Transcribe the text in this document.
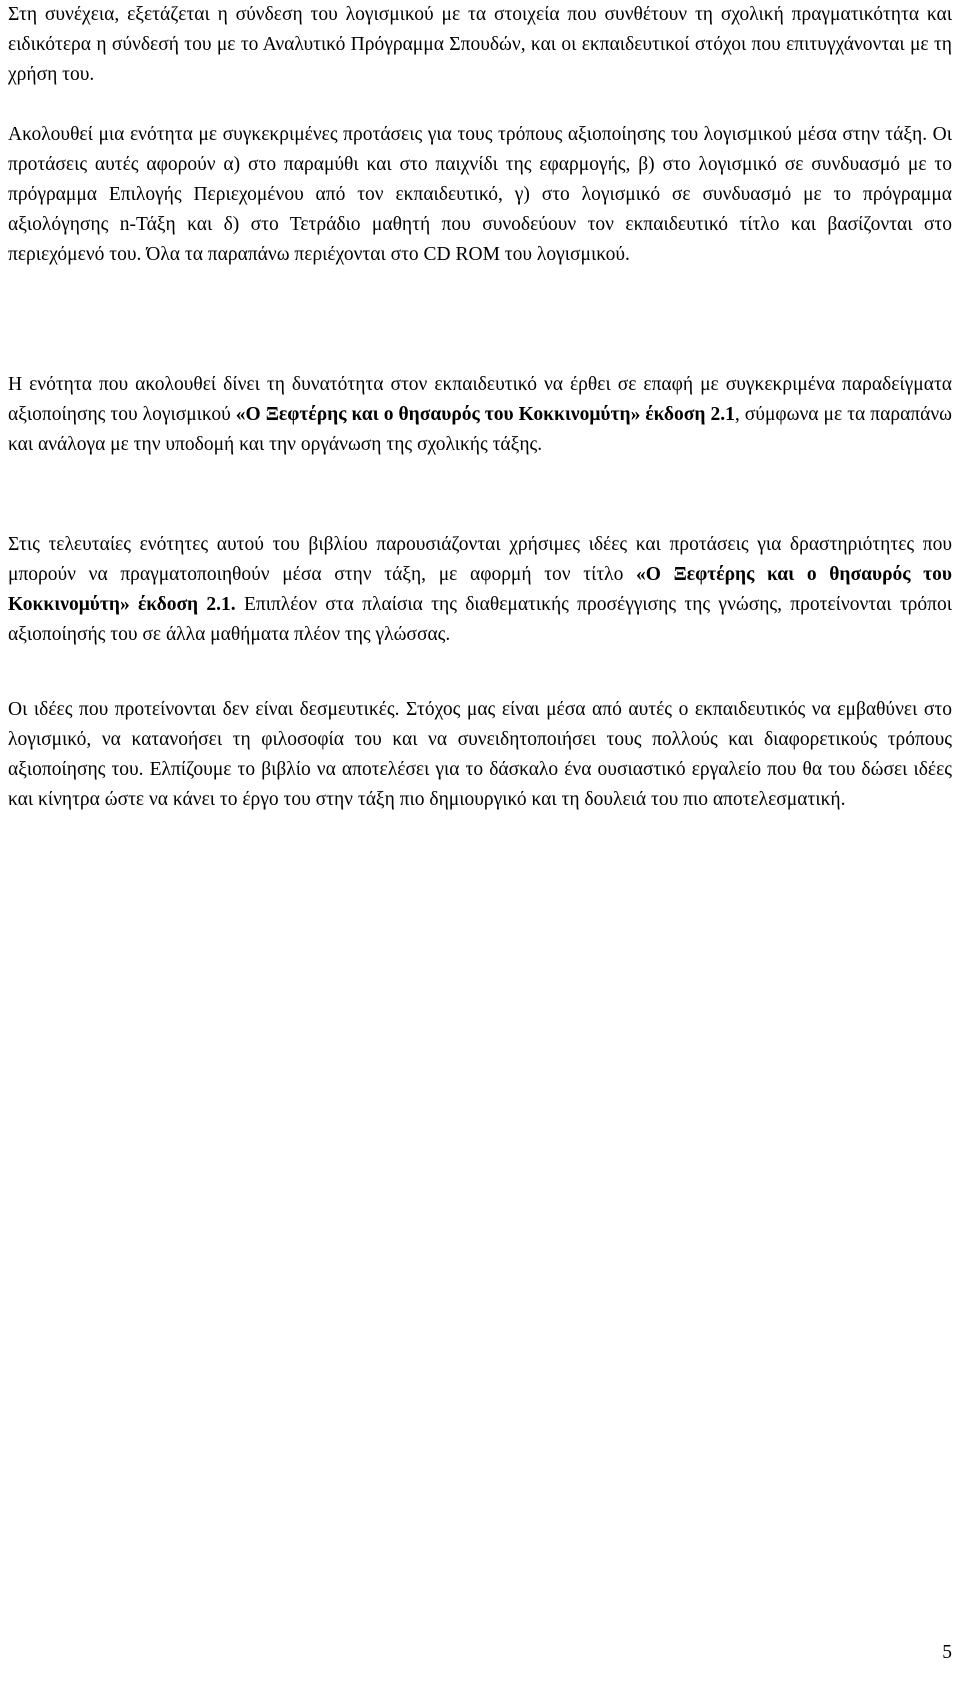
Στη συνέχεια, εξετάζεται η σύνδεση του λογισμικού με τα στοιχεία που συνθέτουν τη σχολική πραγματικότητα και ειδικότερα η σύνδεσή του με το Αναλυτικό Πρόγραμμα Σπουδών, και οι εκπαιδευτικοί στόχοι που επιτυγχάνονται με τη χρήση του.

Ακολουθεί μια ενότητα με συγκεκριμένες προτάσεις για τους τρόπους αξιοποίησης του λογισμικού μέσα στην τάξη. Οι προτάσεις αυτές αφορούν α) στο παραμύθι και στο παιχνίδι της εφαρμογής, β) στο λογισμικό σε συνδυασμό με το πρόγραμμα Επιλογής Περιεχομένου από τον εκπαιδευτικό, γ) στο λογισμικό σε συνδυασμό με το πρόγραμμα αξιολόγησης n-Τάξη και δ) στο Τετράδιο μαθητή που συνοδεύουν τον εκπαιδευτικό τίτλο και βασίζονται στο περιεχόμενό του. Όλα τα παραπάνω περιέχονται στο CD ROM του λογισμικού.

Η ενότητα που ακολουθεί δίνει τη δυνατότητα στον εκπαιδευτικό να έρθει σε επαφή με συγκεκριμένα παραδείγματα αξιοποίησης του λογισμικού «Ο Ξεφτέρης και ο θησαυρός του Κοκκινομύτη» έκδοση 2.1, σύμφωνα με τα παραπάνω και ανάλογα με την υποδομή και την οργάνωση της σχολικής τάξης.

Στις τελευταίες ενότητες αυτού του βιβλίου παρουσιάζονται χρήσιμες ιδέες και προτάσεις για δραστηριότητες που μπορούν να πραγματοποιηθούν μέσα στην τάξη, με αφορμή τον τίτλο «Ο Ξεφτέρης και ο θησαυρός του Κοκκινομύτη» έκδοση 2.1. Επιπλέον στα πλαίσια της διαθεματικής προσέγγισης της γνώσης, προτείνονται τρόποι αξιοποίησής του σε άλλα μαθήματα πλέον της γλώσσας.

Οι ιδέες που προτείνονται δεν είναι δεσμευτικές. Στόχος μας είναι μέσα από αυτές ο εκπαιδευτικός να εμβαθύνει στο λογισμικό, να κατανοήσει τη φιλοσοφία του και να συνειδητοποιήσει τους πολλούς και διαφορετικούς τρόπους αξιοποίησης του. Ελπίζουμε το βιβλίο να αποτελέσει για το δάσκαλο ένα ουσιαστικό εργαλείο που θα του δώσει ιδέες και κίνητρα ώστε να κάνει το έργο του στην τάξη πιο δημιουργικό και τη δουλειά του πιο αποτελεσματική.

5
